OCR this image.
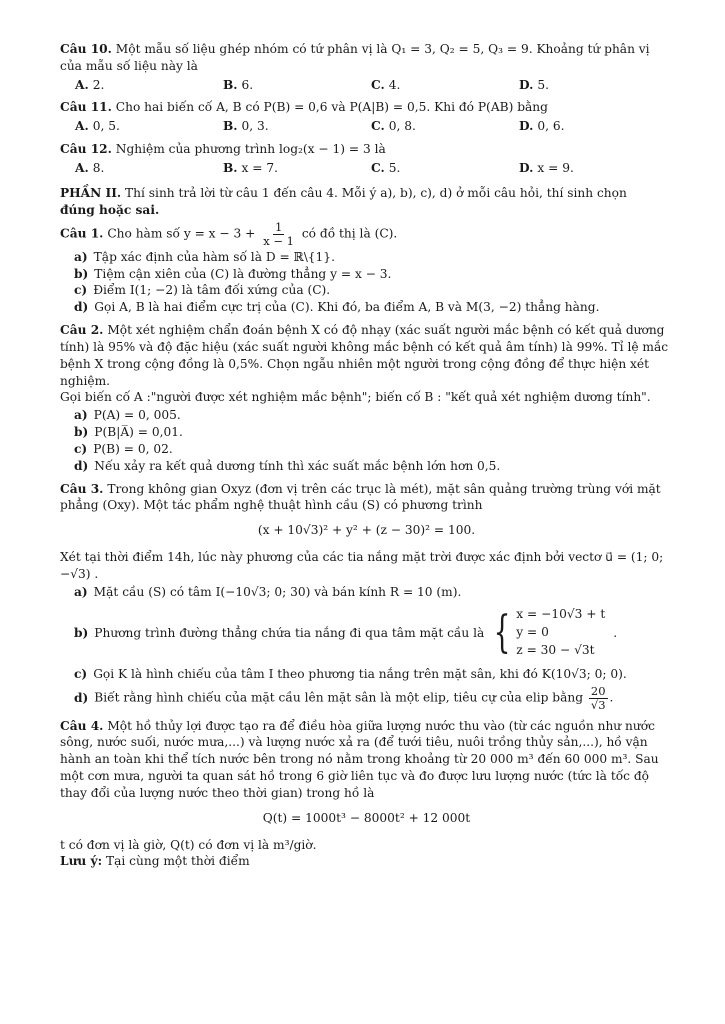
Câu 10. Một mẫu số liệu ghép nhóm có tứ phân vị là Q₁ = 3, Q₂ = 5, Q₃ = 9. Khoảng tứ phân vị của mẫu số liệu này là

A. 2.	B. 6.	C. 4.	D. 5.

Câu 11. Cho hai biến cố A, B có P(B) = 0,6 và P(A|B) = 0,5. Khi đó P(AB) bằng

A. 0, 5.	B. 0, 3.	C. 0, 8.	D. 0, 6.

Câu 12. Nghiệm của phương trình log₂(x − 1) = 3 là

A. 8.	B. x = 7.	C. 5.	D. x = 9.

PHẦN II. Thí sinh trả lời từ câu 1 đến câu 4. Mỗi ý a), b), c), d) ở mỗi câu hỏi, thí sinh chọn
đúng hoặc sai.

Câu 1. Cho hàm số $y = x - 3 + \frac{1}{x - 1}$ có đồ thị là (C).

a) Tập xác định của hàm số là D = ℝ\{1}.
b) Tiệm cận xiên của (C) là đường thẳng y = x − 3.
c) Điểm I(1; −2) là tâm đối xứng của (C).
d) Gọi A, B là hai điểm cực trị của (C). Khi đó, ba điểm A, B và M(3, −2) thẳng hàng.

Câu 2. Một xét nghiệm chẩn đoán bệnh X có độ nhạy (xác suất người mắc bệnh có kết quả dương tính) là 95% và độ đặc hiệu (xác suất người không mắc bệnh có kết quả âm tính) là 99%. Tỉ lệ mắc bệnh X trong cộng đồng là 0,5%. Chọn ngẫu nhiên một người trong cộng đồng để thực hiện xét nghiệm.

Gọi biến cố A :"người được xét nghiệm mắc bệnh"; biến cố B : "kết quả xét nghiệm dương tính".

a) P(A) = 0, 005.
b) P(B|A̅) = 0,01.
c) P(B) = 0, 02.
d) Nếu xảy ra kết quả dương tính thì xác suất mắc bệnh lớn hơn 0,5.

Câu 3. Trong không gian Oxyz (đơn vị trên các trục là mét), mặt sân quảng trường trùng với mặt phẳng (Oxy). Một tác phẩm nghệ thuật hình cầu (S) có phương trình

(x + 10√3)² + y² + (z − 30)² = 100.

Xét tại thời điểm 14h, lúc này phương của các tia nắng mặt trời được xác định bởi vectơ u⃗ = (1; 0; −√3) .

a) Mặt cầu (S) có tâm I(−10√3; 0; 30) và bán kính R = 10 (m).
b) Phương trình đường thẳng chứa tia nắng đi qua tâm mặt cầu là { x = −10√3 + t
y = 0
z = 30 − √3t
.
c) Gọi K là hình chiếu của tâm I theo phương tia nắng trên mặt sân, khi đó K(10√3; 0; 0).
d) Biết rằng hình chiếu của mặt cầu lên mặt sân là một elip, tiêu cự của elip bằng $\frac{20}{√3}$ .

Câu 4. Một hồ thủy lợi được tạo ra để điều hòa giữa lượng nước thu vào (từ các nguồn như nước sông, nước suối, nước mưa,...) và lượng nước xả ra (để tưới tiêu, nuôi trồng thủy sản,...), hồ vận hành an toàn khi thể tích nước bên trong nó nằm trong khoảng từ 20 000 m³ đến 60 000 m³. Sau một cơn mưa, người ta quan sát hồ trong 6 giờ liên tục và đo được lưu lượng nước (tức là tốc độ thay đổi của lượng nước theo thời gian) trong hồ là

Q(t) = 1000t³ − 8000t² + 12 000t

t có đơn vị là giờ, Q(t) có đơn vị là m³/giờ.

Lưu ý: Tại cùng một thời điểm
